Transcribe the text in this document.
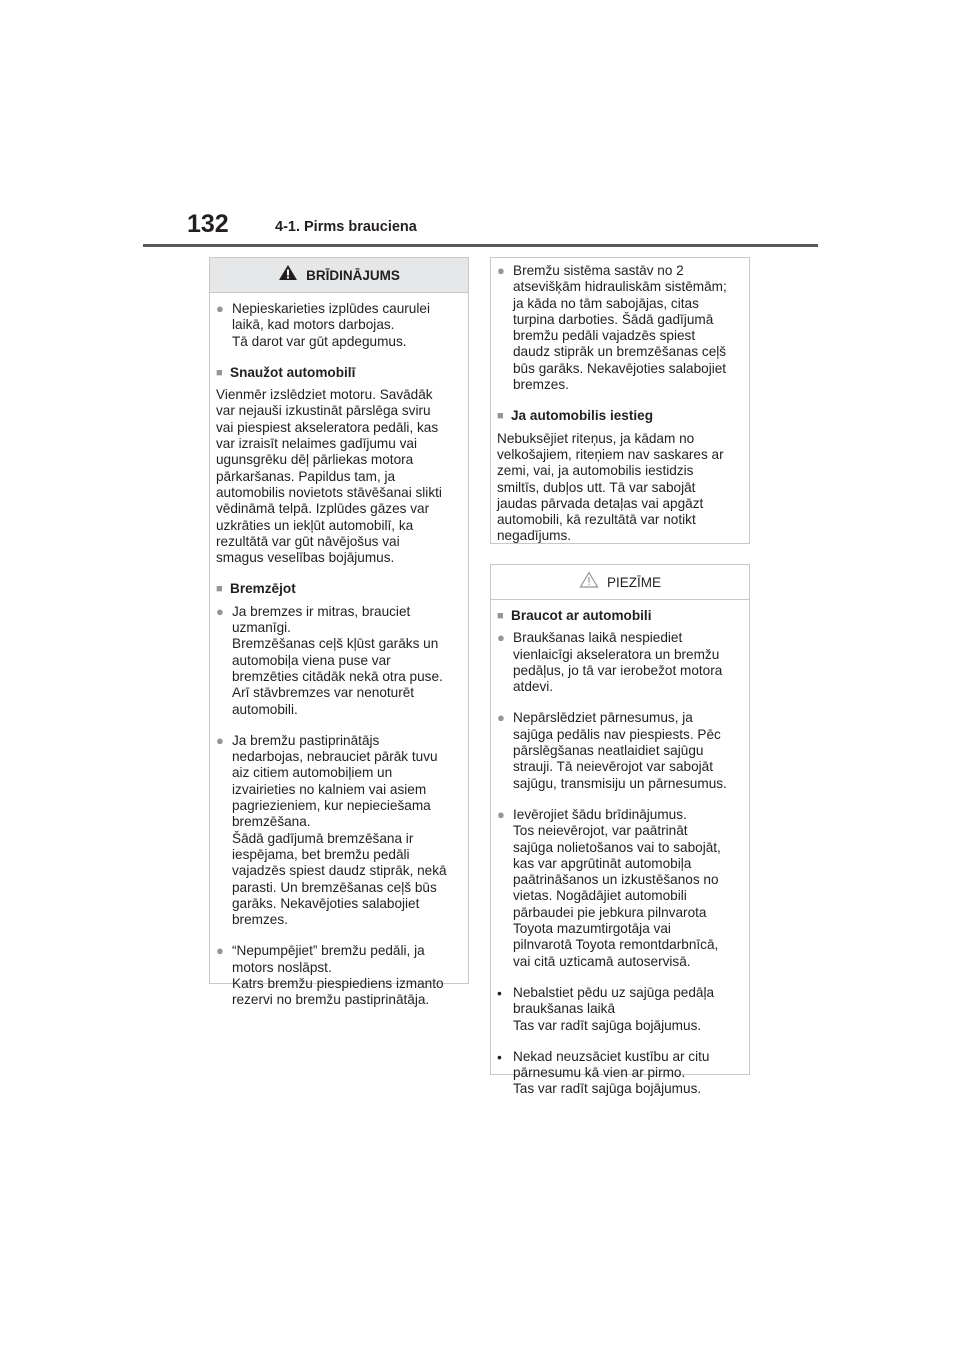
132	4-1. Pirms brauciena
BRĪDINĀJUMS
● Nepieskarieties izplūdes caurulei
laikā, kad motors darbojas.
Tā darot var gūt apdegumus.
■ Snaužot automobilī
Vienmēr izslēdziet motoru. Savādāk
var nejauši izkustināt pārslēga sviru
vai piespiest akseleratora pedāli, kas
var izraisīt nelaimes gadījumu vai
ugunsgrēku dēļ pārliekas motora
pārkaršanas. Papildus tam, ja
automobilis novietots stāvēšanai slikti
vēdināmā telpā. Izplūdes gāzes var
uzkrāties un iekļūt automobilī, ka
rezultātā var gūt nāvējošus vai
smagus veselības bojājumus.
■ Bremzējot
● Ja bremzes ir mitras, brauciet
uzmanīgi.
Bremzēšanas ceļš kļūst garāks un
automobiļa viena puse var
bremzēties citādāk nekā otra puse.
Arī stāvbremzes var nenoturēt
automobili.
● Ja bremžu pastiprinātājs
nedarbojas, nebrauciet pārāk tuvu
aiz citiem automobiļiem un
izvairieties no kalniem vai asiem
pagriezieniem, kur nepieciešama
bremzēšana.
Šādā gadījumā bremzēšana ir
iespējama, bet bremžu pedāli
vajadzēs spiest daudz stiprāk, nekā
parasti. Un bremzēšanas ceļš būs
garāks. Nekavējoties salabojiet
bremzes.
● “Nepumpējiet” bremžu pedāli, ja
motors noslāpst.
Katrs bremžu piespiediens izmanto
rezervi no bremžu pastiprinātāja.
● Bremžu sistēma sastāv no 2
atsevišķām hidrauliskām sistēmām;
ja kāda no tām sabojājas, citas
turpina darboties. Šādā gadījumā
bremžu pedāli vajadzēs spiest
daudz stiprāk un bremzēšanas ceļš
būs garāks. Nekavējoties salabojiet
bremzes.
■ Ja automobilis iestieg
Nebuksējiet riteņus, ja kādam no
velkošajiem, riteņiem nav saskares ar
zemi, vai, ja automobilis iestidzis
smiltīs, dubļos utt. Tā var sabojāt
jaudas pārvada detaļas vai apgāzt
automobili, kā rezultātā var notikt
negadījums.
PIEZĪME
■ Braucot ar automobili
● Braukšanas laikā nespiediet
vienlaicīgi akseleratora un bremžu
pedāļus, jo tā var ierobežot motora
atdevi.
● Nepārslēdziet pārnesumus, ja
sajūga pedālis nav piespiests. Pēc
pārslēgšanas neatlaidiet sajūgu
strauji. Tā neievērojot var sabojāt
sajūgu, transmisiju un pārnesumus.
● Ievērojiet šādu brīdinājumus.
Tos neievērojot, var paātrināt
sajūga nolietošanos vai to sabojāt,
kas var apgrūtināt automobiļa
paātrināšanos un izkustēšanos no
vietas. Nogādājiet automobili
pārbaudei pie jebkura pilnvarota
Toyota mazumtirgotāja vai
pilnvarotā Toyota remontdarbnīcā,
vai citā uzticamā autoservisā.
• Nebalstiet pēdu uz sajūga pedāļa
braukšanas laikā
Tas var radīt sajūga bojājumus.
• Nekad neuzsāciet kustību ar citu
pārnesumu kā vien ar pirmo.
Tas var radīt sajūga bojājumus.
